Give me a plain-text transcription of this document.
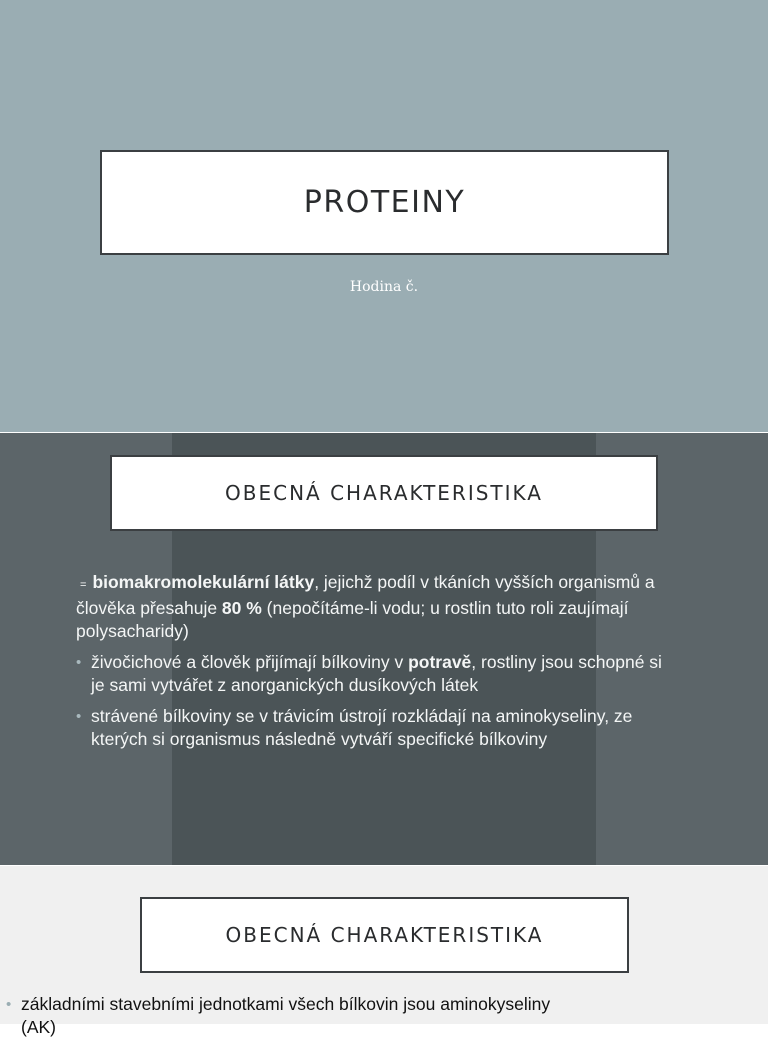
PROTEINY
Hodina č.
OBECNÁ CHARAKTERISTIKA

= biomakromolekulární látky, jejichž podíl v tkáních vyšších organismů a člověka přesahuje 80 % (nepočítáme-li vodu; u rostlin tuto roli zaujímají polysacharidy)

• živočichové a člověk přijímají bílkoviny v potravě, rostliny jsou schopné si je sami vytvářet z anorganických dusíkových látek
• strávené bílkoviny se v trávicím ústrojí rozkládají na aminokyseliny, ze kterých si organismus následně vytváří specifické bílkoviny
OBECNÁ CHARAKTERISTIKA
• základními stavebními jednotkami všech bílkovin jsou aminokyseliny (AK)
